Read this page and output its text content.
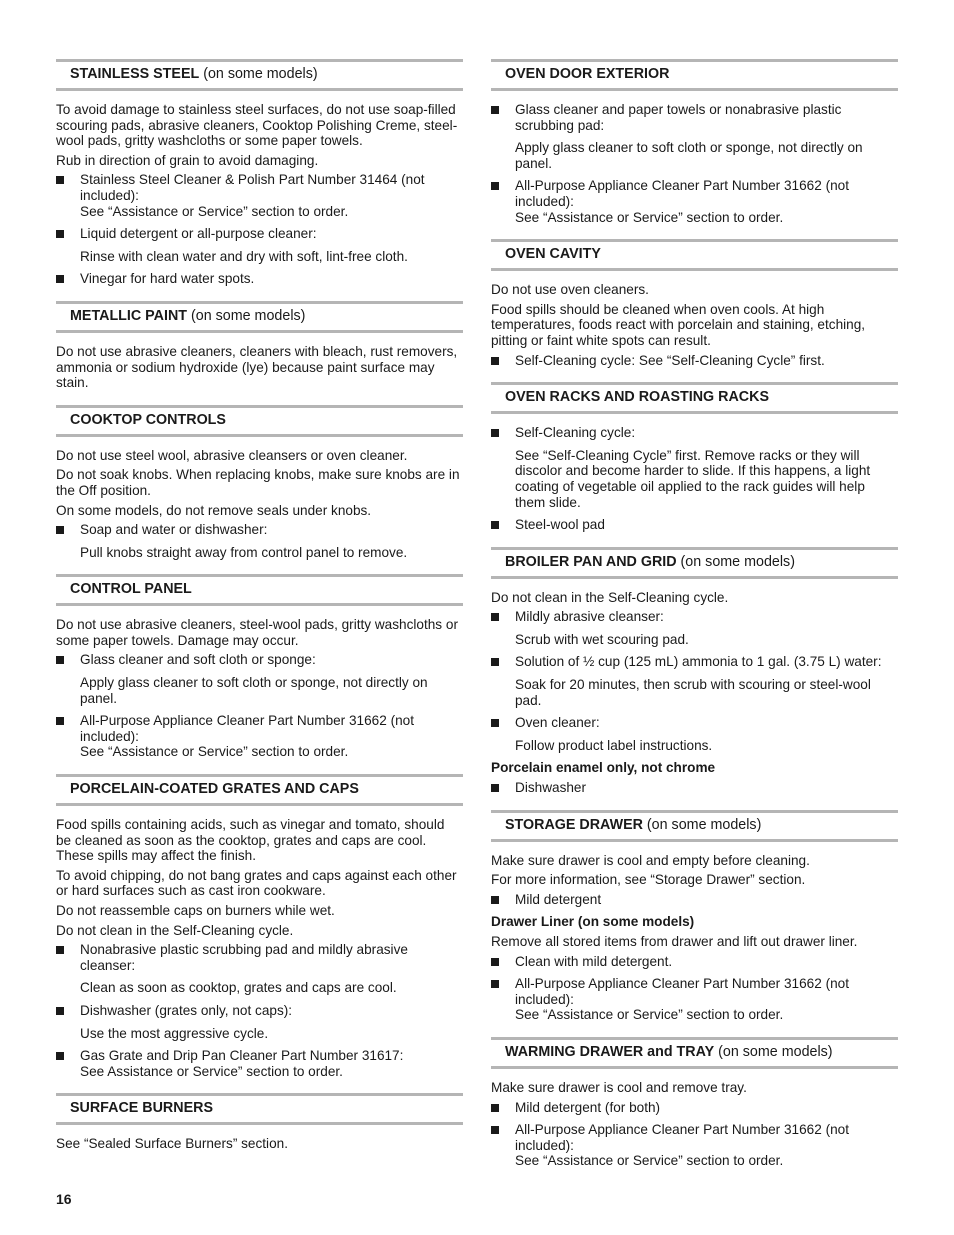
STAINLESS STEEL (on some models)

To avoid damage to stainless steel surfaces, do not use soap-filled scouring pads, abrasive cleaners, Cooktop Polishing Creme, steel-wool pads, gritty washcloths or some paper towels.

Rub in direction of grain to avoid damaging.

Stainless Steel Cleaner & Polish Part Number 31464 (not included):
See “Assistance or Service” section to order.
Liquid detergent or all-purpose cleaner:

Rinse with clean water and dry with soft, lint-free cloth.

Vinegar for hard water spots.
METALLIC PAINT (on some models)

Do not use abrasive cleaners, cleaners with bleach, rust removers, ammonia or sodium hydroxide (lye) because paint surface may stain.

COOKTOP CONTROLS

Do not use steel wool, abrasive cleansers or oven cleaner.

Do not soak knobs. When replacing knobs, make sure knobs are in the Off position.

On some models, do not remove seals under knobs.

Soap and water or dishwasher:

Pull knobs straight away from control panel to remove.

CONTROL PANEL

Do not use abrasive cleaners, steel-wool pads, gritty washcloths or some paper towels. Damage may occur.

Glass cleaner and soft cloth or sponge:

Apply glass cleaner to soft cloth or sponge, not directly on panel.

All-Purpose Appliance Cleaner Part Number 31662 (not included):
See “Assistance or Service” section to order.
PORCELAIN-COATED GRATES AND CAPS

Food spills containing acids, such as vinegar and tomato, should be cleaned as soon as the cooktop, grates and caps are cool. These spills may affect the finish.

To avoid chipping, do not bang grates and caps against each other or hard surfaces such as cast iron cookware.

Do not reassemble caps on burners while wet.

Do not clean in the Self-Cleaning cycle.

Nonabrasive plastic scrubbing pad and mildly abrasive cleanser:

Clean as soon as cooktop, grates and caps are cool.

Dishwasher (grates only, not caps):

Use the most aggressive cycle.

Gas Grate and Drip Pan Cleaner Part Number 31617:
See Assistance or Service” section to order.
SURFACE BURNERS

See “Sealed Surface Burners” section.

OVEN DOOR EXTERIOR
Glass cleaner and paper towels or nonabrasive plastic scrubbing pad:

Apply glass cleaner to soft cloth or sponge, not directly on panel.

All-Purpose Appliance Cleaner Part Number 31662 (not included):
See “Assistance or Service” section to order.
OVEN CAVITY

Do not use oven cleaners.

Food spills should be cleaned when oven cools. At high temperatures, foods react with porcelain and staining, etching, pitting or faint white spots can result.

Self-Cleaning cycle: See “Self-Cleaning Cycle” first.
OVEN RACKS AND ROASTING RACKS
Self-Cleaning cycle:

See “Self-Cleaning Cycle” first. Remove racks or they will discolor and become harder to slide. If this happens, a light coating of vegetable oil applied to the rack guides will help them slide.

Steel-wool pad
BROILER PAN AND GRID (on some models)

Do not clean in the Self-Cleaning cycle.

Mildly abrasive cleanser:

Scrub with wet scouring pad.

Solution of ½ cup (125 mL) ammonia to 1 gal. (3.75 L) water:

Soak for 20 minutes, then scrub with scouring or steel-wool pad.

Oven cleaner:

Follow product label instructions.

Porcelain enamel only, not chrome

Dishwasher
STORAGE DRAWER (on some models)

Make sure drawer is cool and empty before cleaning.

For more information, see “Storage Drawer” section.

Mild detergent

Drawer Liner (on some models)

Remove all stored items from drawer and lift out drawer liner.

Clean with mild detergent.
All-Purpose Appliance Cleaner Part Number 31662 (not included):
See “Assistance or Service” section to order.
WARMING DRAWER and TRAY (on some models)

Make sure drawer is cool and remove tray.

Mild detergent (for both)
All-Purpose Appliance Cleaner Part Number 31662 (not included):
See “Assistance or Service” section to order.
16
